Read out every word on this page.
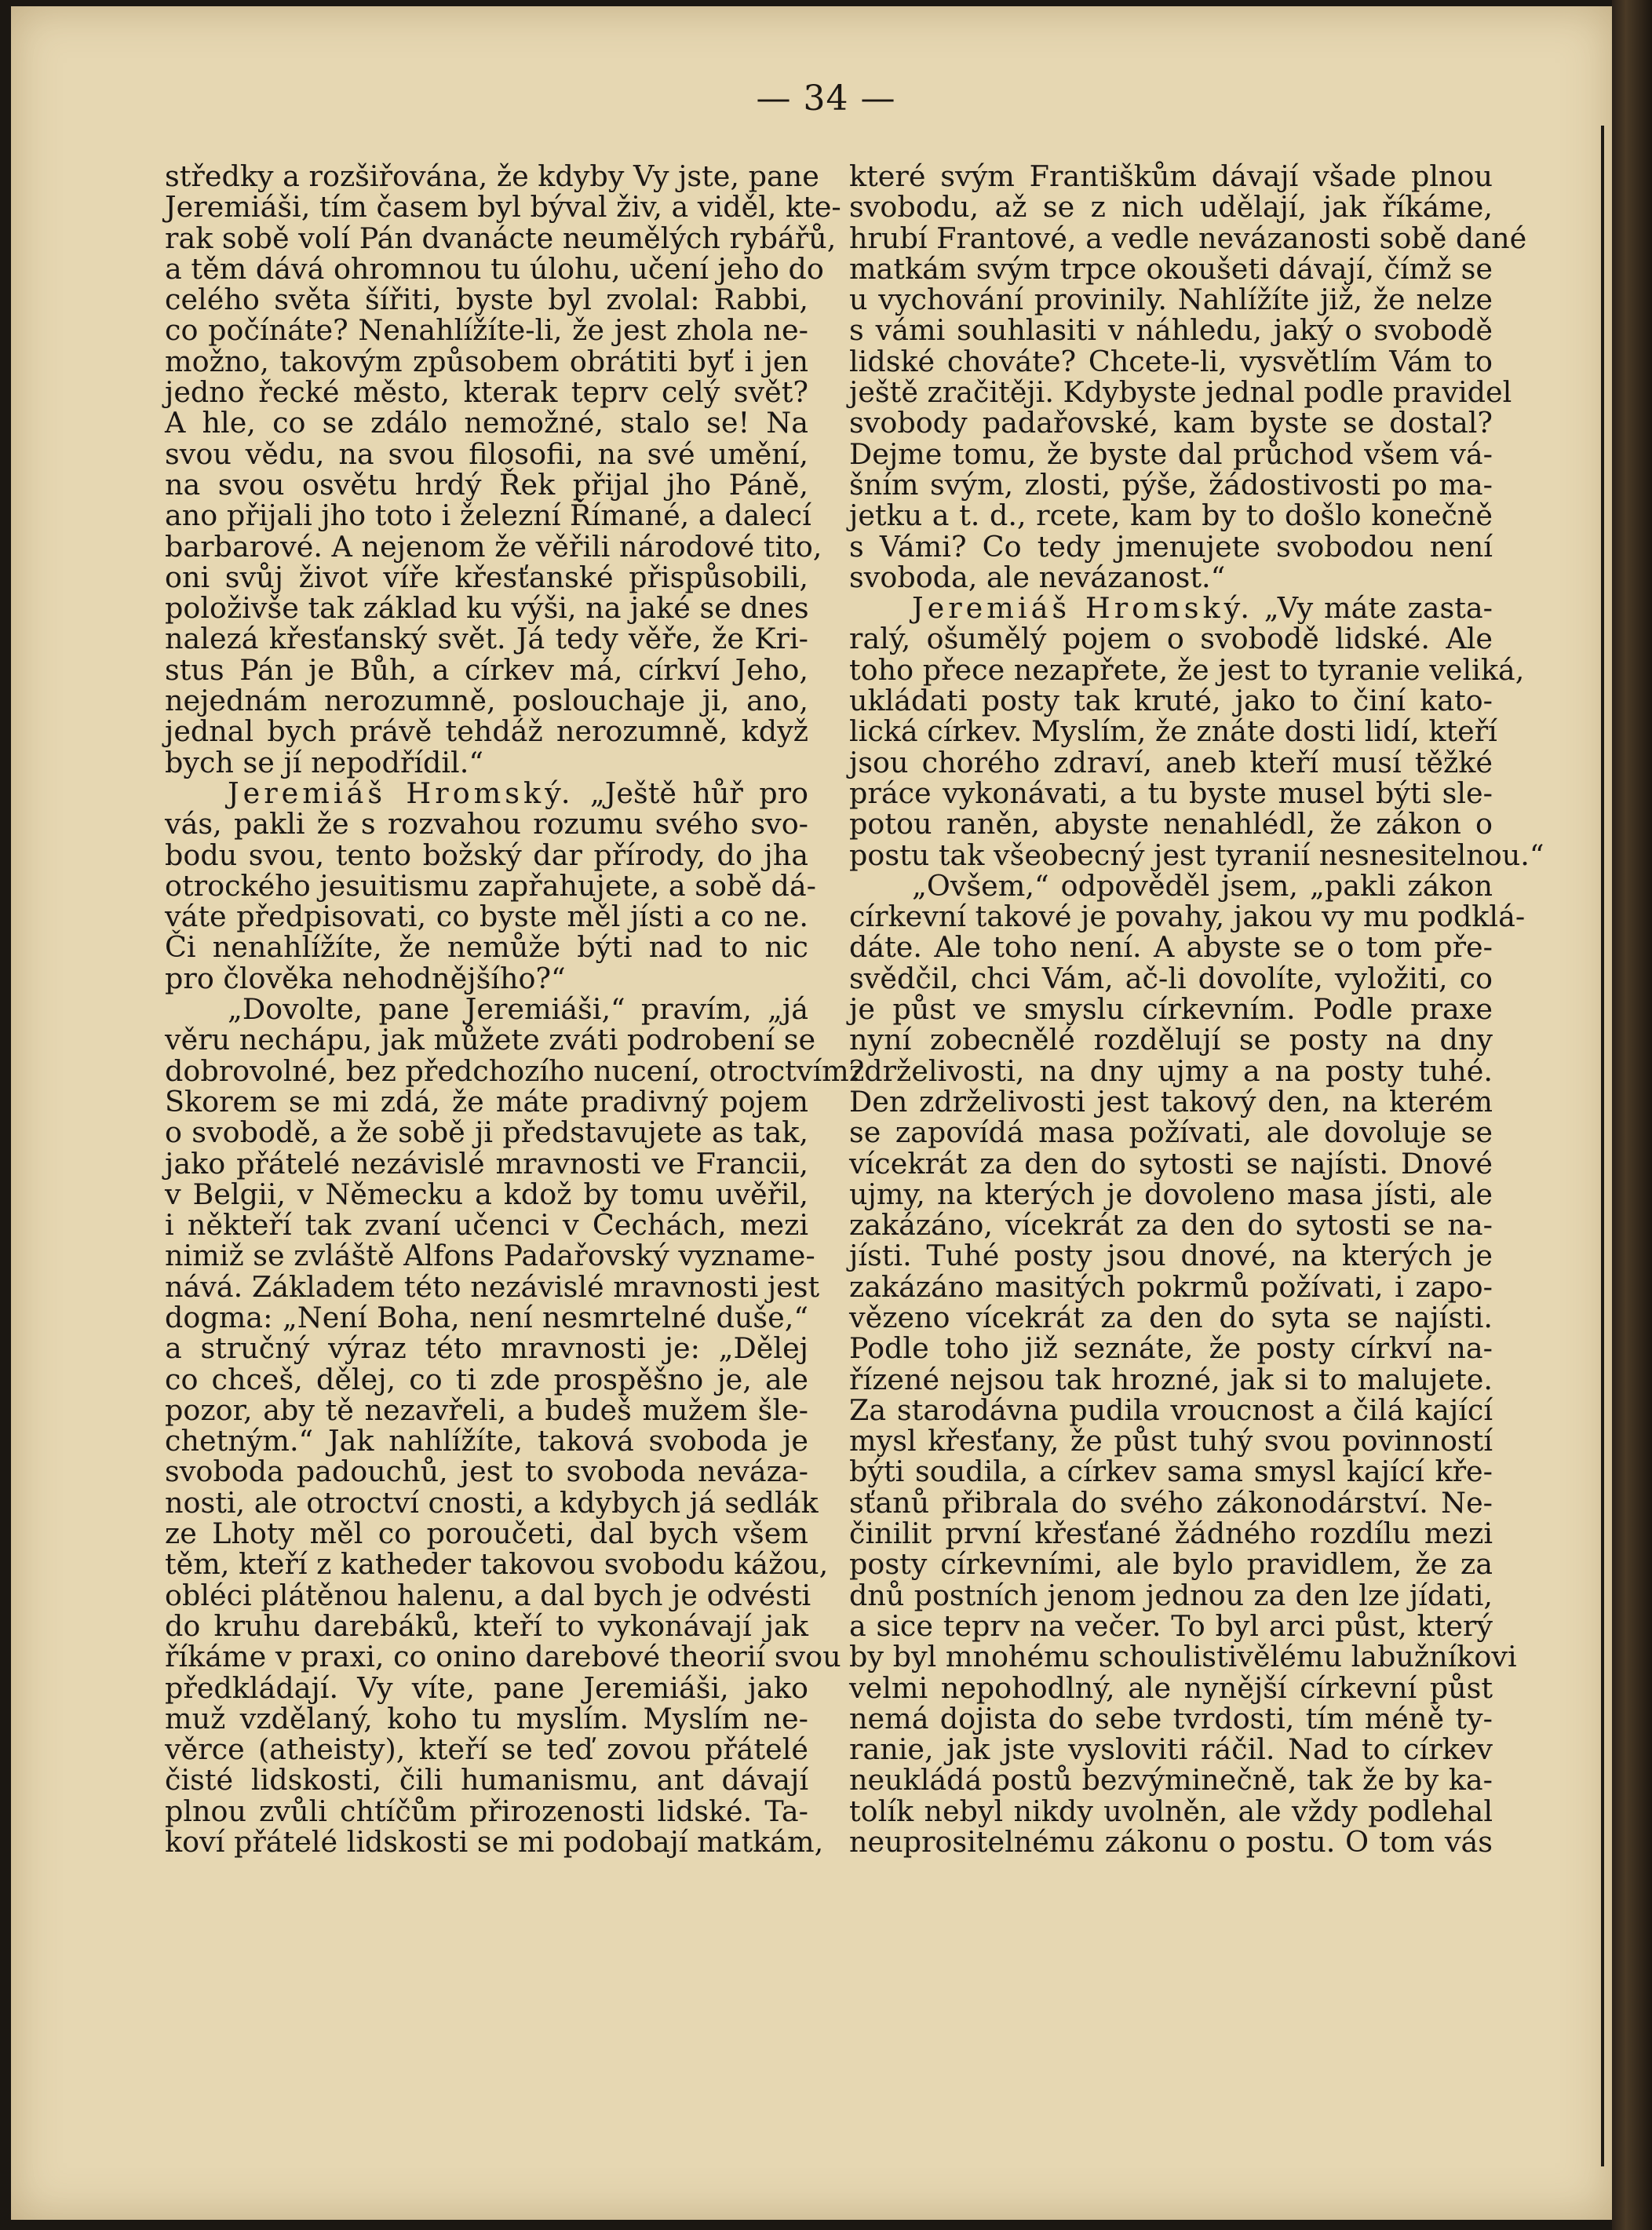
— 34 —
středky a rozšiřována, že kdyby Vy jste, pane
Jeremiáši, tím časem byl býval živ, a viděl, kte-
rak sobě volí Pán dvanácte neumělých rybářů,
a těm dává ohromnou tu úlohu, učení jeho do
celého světa šířiti, byste byl zvolal: Rabbi,
co počínáte? Nenahlížíte-li, že jest zhola ne-
možno, takovým způsobem obrátiti byť i jen
jedno řecké město, kterak teprv celý svět?
A hle, co se zdálo nemožné, stalo se! Na
svou vědu, na svou filosofii, na své umění,
na svou osvětu hrdý Řek přijal jho Páně,
ano přijali jho toto i železní Římané, a dalecí
barbarové. A nejenom že věřili národové tito,
oni svůj život víře křesťanské přispůsobili,
položivše tak základ ku výši, na jaké se dnes
nalezá křesťanský svět. Já tedy věře, že Kri-
stus Pán je Bůh, a církev má, církví Jeho,
nejednám nerozumně, poslouchaje ji, ano,
jednal bych právě tehdáž nerozumně, když
bych se jí nepodřídil.“
Jeremiáš Hromský. „Ještě hůř pro
vás, pakli že s rozvahou rozumu svého svo-
bodu svou, tento božský dar přírody, do jha
otrockého jesuitismu zapřahujete, a sobě dá-
váte předpisovati, co byste měl jísti a co ne.
Či nenahlížíte, že nemůže býti nad to nic
pro člověka nehodnějšího?“
„Dovolte, pane Jeremiáši,“ pravím, „já
věru nechápu, jak můžete zváti podrobení se
dobrovolné, bez předchozího nucení, otroctvím?
Skorem se mi zdá, že máte pradivný pojem
o svobodě, a že sobě ji představujete as tak,
jako přátelé nezávislé mravnosti ve Francii,
v Belgii, v Německu a kdož by tomu uvěřil,
i někteří tak zvaní učenci v Čechách, mezi
nimiž se zvláště Alfons Padařovský vyzname-
nává. Základem této nezávislé mravnosti jest
dogma: „Není Boha, není nesmrtelné duše,“
a stručný výraz této mravnosti je: „Dělej
co chceš, dělej, co ti zde prospěšno je, ale
pozor, aby tě nezavřeli, a budeš mužem šle-
chetným.“ Jak nahlížíte, taková svoboda je
svoboda padouchů, jest to svoboda neváza-
nosti, ale otroctví cnosti, a kdybych já sedlák
ze Lhoty měl co poroučeti, dal bych všem
těm, kteří z katheder takovou svobodu kážou,
obléci plátěnou halenu, a dal bych je odvésti
do kruhu darebáků, kteří to vykonávají jak
říkáme v praxi, co onino darebové theorií svou
předkládají. Vy víte, pane Jeremiáši, jako
muž vzdělaný, koho tu myslím. Myslím ne-
věrce (atheisty), kteří se teď zovou přátelé
čisté lidskosti, čili humanismu, ant dávají
plnou zvůli chtíčům přirozenosti lidské. Ta-
koví přátelé lidskosti se mi podobají matkám,
které svým Františkům dávají všade plnou
svobodu, až se z nich udělají, jak říkáme,
hrubí Frantové, a vedle nevázanosti sobě dané
matkám svým trpce okoušeti dávají, čímž se
u vychování provinily. Nahlížíte již, že nelze
s vámi souhlasiti v náhledu, jaký o svobodě
lidské chováte? Chcete-li, vysvětlím Vám to
ještě zračitěji. Kdybyste jednal podle pravidel
svobody padařovské, kam byste se dostal?
Dejme tomu, že byste dal průchod všem vá-
šním svým, zlosti, pýše, žádostivosti po ma-
jetku a t. d., rcete, kam by to došlo konečně
s Vámi? Co tedy jmenujete svobodou není
svoboda, ale nevázanost.“
Jeremiáš Hromský. „Vy máte zasta-
ralý, ošumělý pojem o svobodě lidské. Ale
toho přece nezapřete, že jest to tyranie veliká,
ukládati posty tak kruté, jako to činí kato-
lická církev. Myslím, že znáte dosti lidí, kteří
jsou chorého zdraví, aneb kteří musí těžké
práce vykonávati, a tu byste musel býti sle-
potou raněn, abyste nenahlédl, že zákon o
postu tak všeobecný jest tyranií nesnesitelnou.“
„Ovšem,“ odpověděl jsem, „pakli zákon
církevní takové je povahy, jakou vy mu podklá-
dáte. Ale toho není. A abyste se o tom pře-
svědčil, chci Vám, ač-li dovolíte, vyložiti, co
je půst ve smyslu církevním. Podle praxe
nyní zobecnělé rozdělují se posty na dny
zdrželivosti, na dny ujmy a na posty tuhé.
Den zdrželivosti jest takový den, na kterém
se zapovídá masa požívati, ale dovoluje se
vícekrát za den do sytosti se najísti. Dnové
ujmy, na kterých je dovoleno masa jísti, ale
zakázáno, vícekrát za den do sytosti se na-
jísti. Tuhé posty jsou dnové, na kterých je
zakázáno masitých pokrmů požívati, i zapo-
vězeno vícekrát za den do syta se najísti.
Podle toho již seznáte, že posty církví na-
řízené nejsou tak hrozné, jak si to malujete.
Za starodávna pudila vroucnost a čilá kající
mysl křesťany, že půst tuhý svou povinností
býti soudila, a církev sama smysl kající kře-
sťanů přibrala do svého zákonodárství. Ne-
činilit první křesťané žádného rozdílu mezi
posty církevními, ale bylo pravidlem, že za
dnů postních jenom jednou za den lze jídati,
a sice teprv na večer. To byl arci půst, který
by byl mnohému schoulistivělému labužníkovi
velmi nepohodlný, ale nynější církevní půst
nemá dojista do sebe tvrdosti, tím méně ty-
ranie, jak jste vysloviti ráčil. Nad to církev
neukládá postů bezvýminečně, tak že by ka-
tolík nebyl nikdy uvolněn, ale vždy podlehal
neuprositelnému zákonu o postu. O tom vás
